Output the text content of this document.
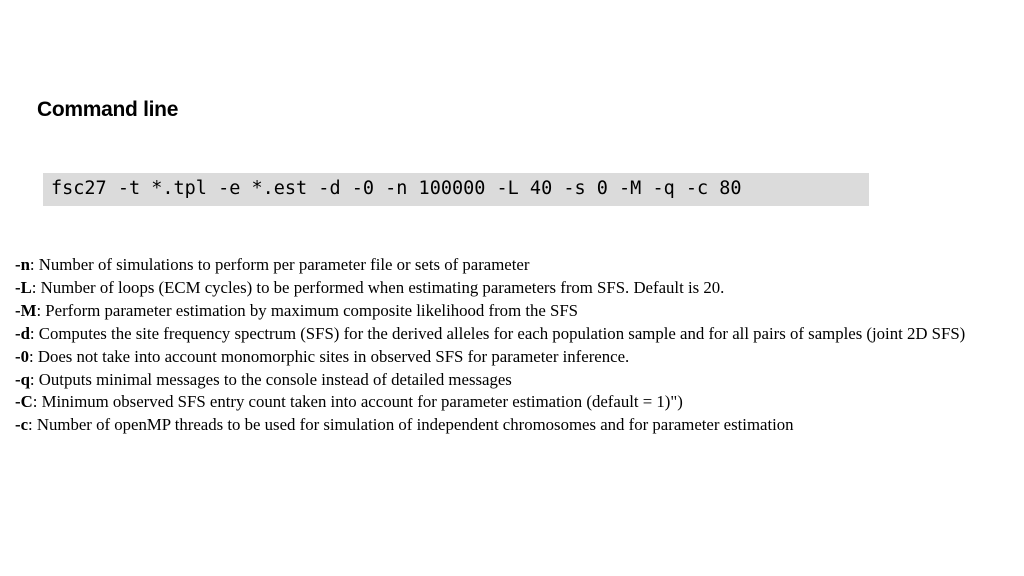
Command line
fsc27 -t *.tpl -e *.est -d -0 -n 100000 -L 40 -s 0 -M -q -c 80
-n: Number of simulations to perform per parameter file or sets of parameter
-L: Number of loops (ECM cycles) to be performed when estimating parameters from SFS. Default is 20.
-M: Perform parameter estimation by maximum composite likelihood from the SFS
-d: Computes the site frequency spectrum (SFS) for the derived alleles for each population sample and for all pairs of samples (joint 2D SFS)
-0: Does not take into account monomorphic sites in observed SFS for parameter inference.
-q: Outputs minimal messages to the console instead of detailed messages
-C: Minimum observed SFS entry count taken into account for parameter estimation (default = 1)")
-c: Number of openMP threads to be used for simulation of independent chromosomes and for parameter estimation
